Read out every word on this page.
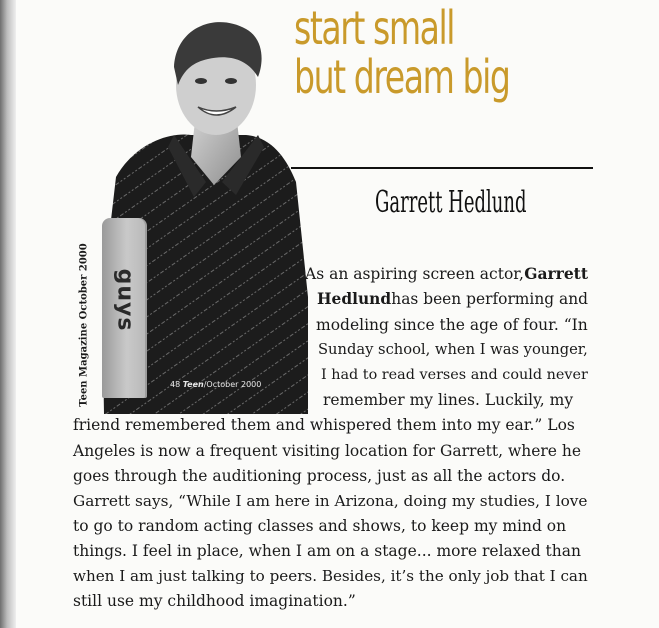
Teen Magazine October 2000 guys
48 Teen/October 2000
start small
but dream big
Garrett Hedlund
As an aspiring screen actor, Garrett
Hedlund has been performing and
modeling since the age of four. “In
Sunday school, when I was younger,
I had to read verses and could never
remember my lines. Luckily, my
friend remembered them and whispered them into my ear.” Los
Angeles is now a frequent visiting location for Garrett, where he
goes through the auditioning process, just as all the actors do.
Garrett says, “While I am here in Arizona, doing my studies, I love
to go to random acting classes and shows, to keep my mind on
things. I feel in place, when I am on a stage... more relaxed than
when I am just talking to peers. Besides, it’s the only job that I can
still use my childhood imagination.”
